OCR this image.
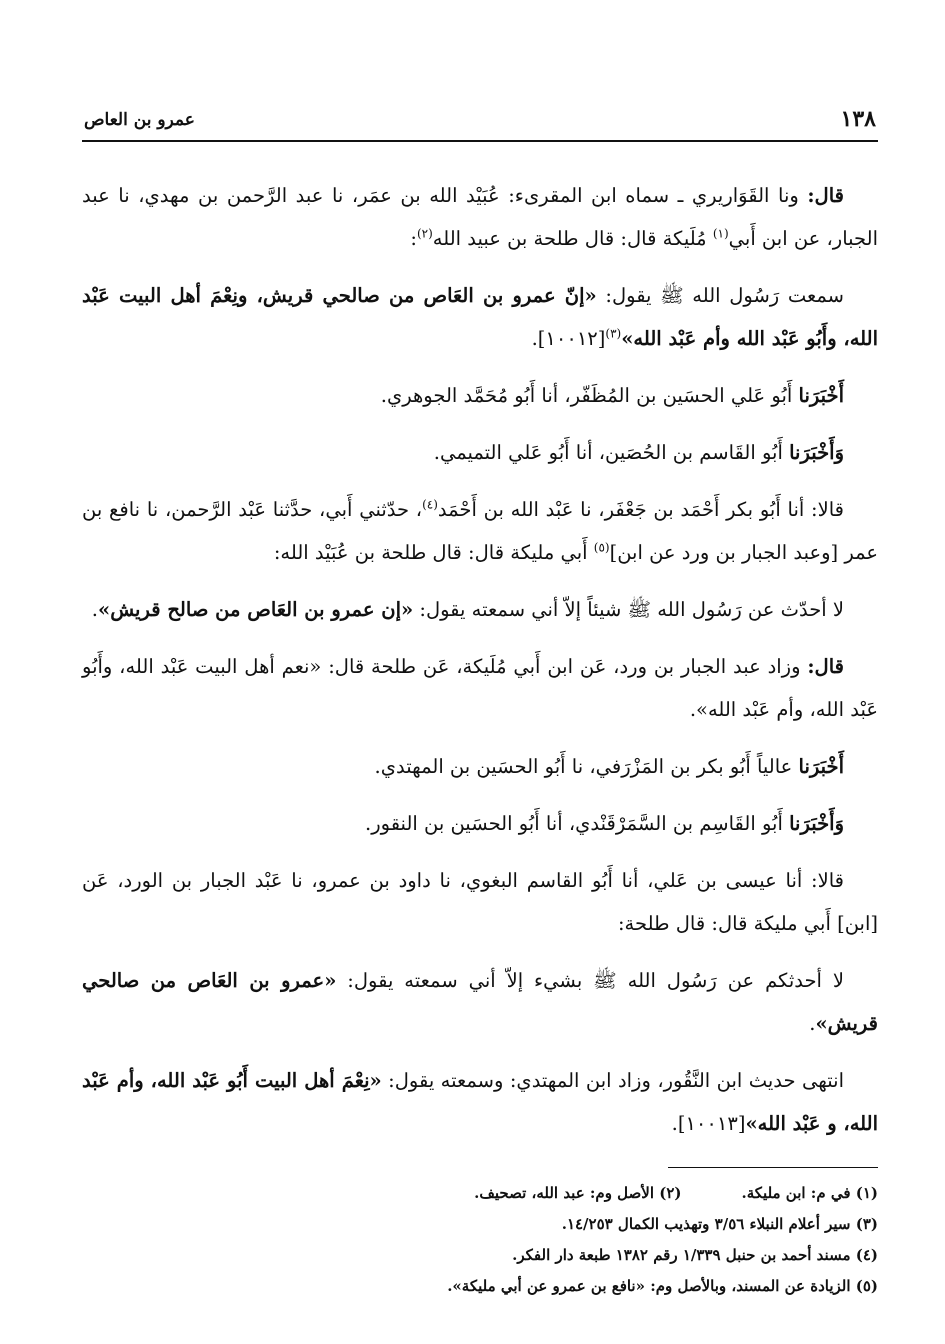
١٣٨
عمرو بن العاص

قال: ونا القَوَاريري ـ سماه ابن المقرىء: عُبَيْد الله بن عمَر، نا عبد الرَّحمن بن مهدي، نا عبد الجبار، عن ابن أَبي$^{(١)}$ مُلَيكة قال: قال طلحة بن عبيد الله$^{(٢)}$:

سمعت رَسُول الله ﷺ يقول: «إنّ عمرو بن العَاص من صالحي قريش، ونِعْمَ أهل البيت عَبْد الله، وأَبُو عَبْد الله وأم عَبْد الله»$^{(٣)}$[١٠٠١٢].

أَخْبَرَنا أَبُو عَلي الحسَين بن المُظَفّر، أنا أَبُو مُحَمَّد الجوهري.

وَأَخْبَرَنا أَبُو القَاسم بن الحُصَين، أنا أَبُو عَلي التميمي.

قالا: أنا أَبُو بكر أَحْمَد بن جَعْفَر، نا عَبْد الله بن أَحْمَد$^{(٤)}$، حدّثني أَبي، حدَّثنا عَبْد الرَّحمن، نا نافع بن عمر [وعبد الجبار بن ورد عن ابن]$^{(٥)}$ أَبي مليكة قال: قال طلحة بن عُبَيْد الله:

لا أحدّث عن رَسُول الله ﷺ شيئاً إلاّ أني سمعته يقول: «إن عمرو بن العَاص من صالح قريش».

قال: وزاد عبد الجبار بن ورد، عَن ابن أَبي مُلَيكة، عَن طلحة قال: «نعم أهل البيت عَبْد الله، وأَبُو عَبْد الله، وأم عَبْد الله».

أَخْبَرَنا عالياً أَبُو بكر بن المَزْرَفي، نا أَبُو الحسَين بن المهتدي.

وَأَخْبَرَنا أَبُو القَاسِم بن السَّمَرْقَنْدي، أنا أَبُو الحسَين بن النقور.

قالا: أنا عيسى بن عَلي، أنا أَبُو القاسم البغوي، نا داود بن عمرو، نا عَبْد الجبار بن الورد، عَن [ابن] أَبي مليكة قال: قال طلحة:

لا أحدثكم عن رَسُول الله ﷺ بشيء إلاّ أني سمعته يقول: «عمرو بن العَاص من صالحي قريش».

انتهى حديث ابن النَّقُور، وزاد ابن المهتدي: وسمعته يقول: «نِعْمَ أهل البيت أَبُو عَبْد الله، وأم عَبْد الله، و عَبْد الله»[١٠٠١٣].

(١) في م: ابن مليكة.
(٢) الأصل وم: عبد الله، تصحيف.
(٣) سير أعلام النبلاء ٣/٥٦ وتهذيب الكمال ١٤/٢٥٣.
(٤) مسند أحمد بن حنبل ١/٣٣٩ رقم ١٣٨٢ طبعة دار الفكر.
(٥) الزيادة عن المسند، وبالأصل وم: «نافع بن عمرو عن أبي مليكة».
